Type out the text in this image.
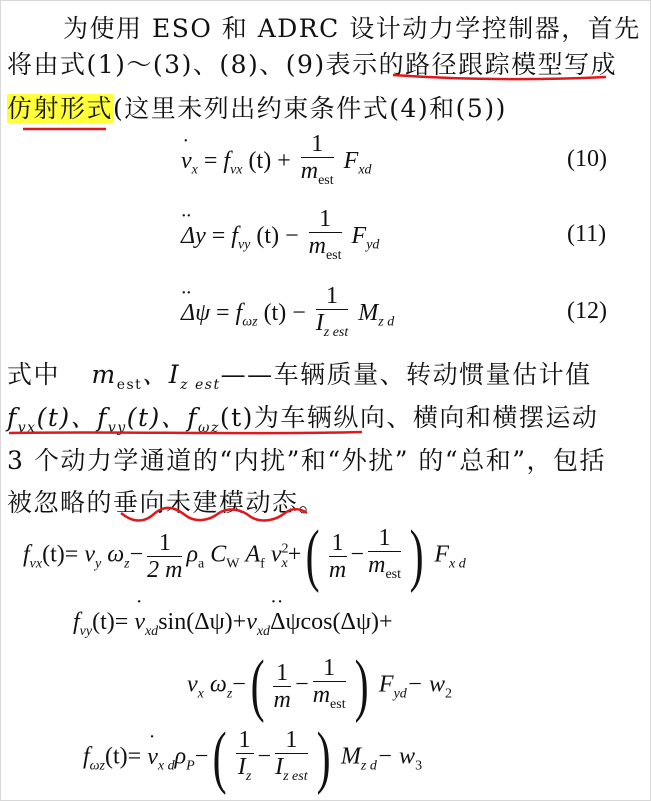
为使用 ESO 和 ADRC 设计动力学控制器，首先
将由式(1)～(3)、(8)、(9)表示的路径跟踪模型写成
仿射形式(这里未列出约束条件式(4)和(5))
· $v_x = f_{vx}$ $(t) + \frac{1}{m_{est}} F_{xd}$	(10)
·· $\Delta y = f_{vy}$ $(t) - \frac{1}{m_{est}} F_{yd}$	(11)
·· $\Delta\psi = f_{\omega z}$ $(t) - \frac{1}{I_{z est}} M_{z d}$	(12)
式中 $m_{est}$、$I_{z est}——$车辆质量、转动惯量估计值
$f_{vx}(t)$、$f_{vy}(t)$、$f_{\omega z}(t)$为车辆纵向、横向和横摆运动
3 个动力学通道的“内扰”和“外扰” 的“总和”，包括
被忽略的垂向未建模动态。
$f_{vx}(t)= v_y$ $\omega_z- \frac{1}{2 m} \rho_a$ $C_W$ $A_f$ $v^2_x+( \frac{1}{m} - \frac{1}{m_{est}}$ ) $F_{x d}$
$f_{vy}(t)= \cdot v_{xd}\sin(\Delta\psi)+v_{xd}\cdot\cdot \Delta\psi\cos(\Delta\psi)+$
$v_x$ $\omega_z-( \frac{1}{m} - \frac{1}{m_{est}}$ ) $F_{yd}- w_2$
$f_{\omega z}(t)= \cdot v_{x d}\rho_P-( \frac{1}{I_z} - \frac{1}{I_{z est}}$ ) $M_{z d}- w_3$
